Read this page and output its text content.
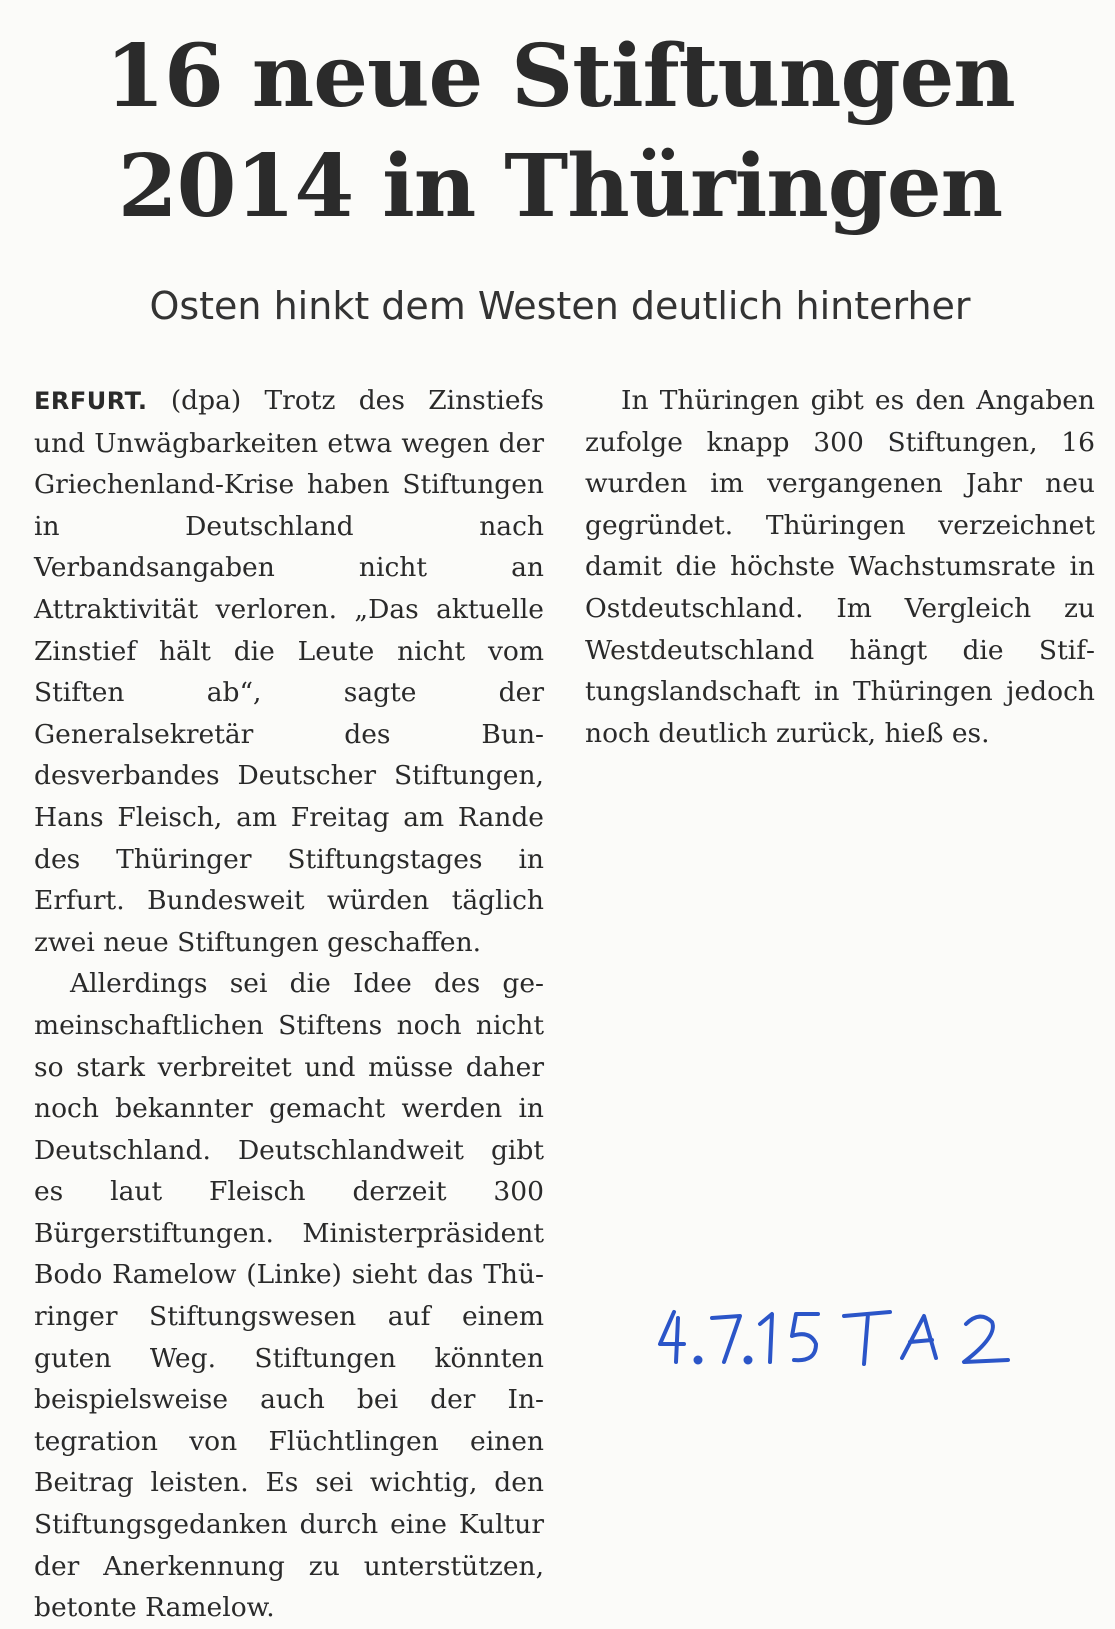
16 neue Stiftungen 2014 in Thüringen
Osten hinkt dem Westen deutlich hinterher

ERFURT. (dpa) Trotz des Zinstiefs und Unwägbarkeiten etwa wegen der Griechenland-Krise haben Stiftungen in Deutschland nach Verbandsangaben nicht an Attraktivität verloren. „Das aktuelle Zinstief hält die Leute nicht vom Stiften ab“, sagte der Generalsekretär des Bundesverbandes Deutscher Stiftungen, Hans Fleisch, am Freitag am Rande des Thüringer Stiftungstages in Erfurt. Bundesweit würden täglich zwei neue Stiftungen geschaffen.

Allerdings sei die Idee des gemeinschaftlichen Stiftens noch nicht so stark verbreitet und müsse daher noch bekannter gemacht werden in Deutschland. Deutschlandweit gibt es laut Fleisch derzeit 300 Bürgerstiftungen. Ministerpräsident Bodo Ramelow (Linke) sieht das Thüringer Stiftungswesen auf einem guten Weg. Stiftungen könnten beispielsweise auch bei der Integration von Flüchtlingen einen Beitrag leisten. Es sei wichtig, den Stiftungsgedanken durch eine Kultur der Anerkennung zu unterstützen, betonte Ramelow.

In Thüringen gibt es den Angaben zufolge knapp 300 Stiftungen, 16 wurden im vergangenen Jahr neu gegründet. Thüringen verzeichnet damit die höchste Wachstumsrate in Ostdeutschland. Im Vergleich zu Westdeutschland hängt die Stiftungslandschaft in Thüringen jedoch noch deutlich zurück, hieß es.
